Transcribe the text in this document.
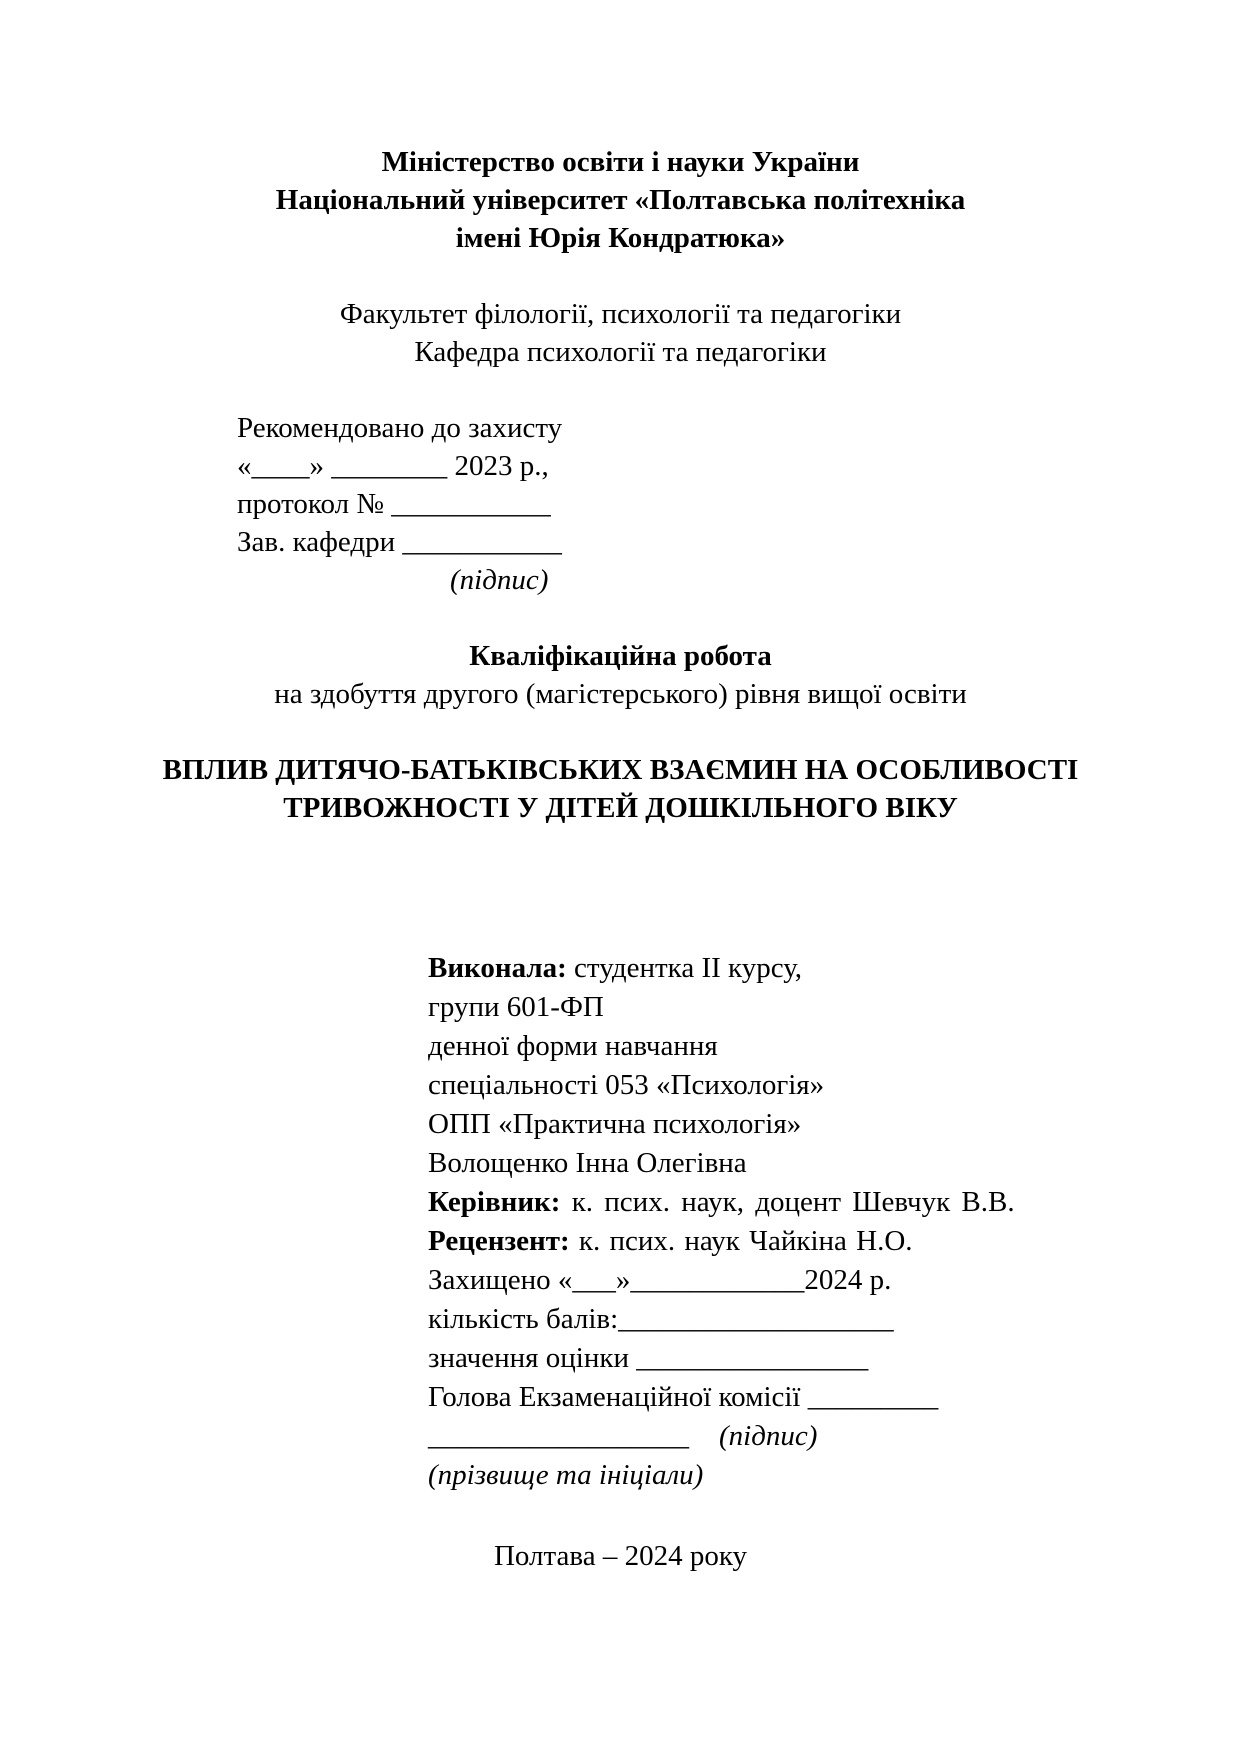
Міністерство освіти і науки України
Національний університет «Полтавська політехніка
імені Юрія Кондратюка»
Факультет філології, психології та педагогіки
Кафедра психології та педагогіки
Рекомендовано до захисту
«____» ________ 2023 р.,
протокол № ___________
Зав. кафедри ___________
(підпис)
Кваліфікаційна робота
на здобуття другого (магістерського) рівня вищої освіти
ВПЛИВ ДИТЯЧО-БАТЬКІВСЬКИХ ВЗАЄМИН НА ОСОБЛИВОСТІ
ТРИВОЖНОСТІ У ДІТЕЙ ДОШКІЛЬНОГО ВІКУ
Виконала: студентка ІІ курсу,
групи 601-ФП
денної форми навчання
спеціальності 053 «Психологія»
ОПП «Практична психологія»
Волощенко Інна Олегівна
Керівник: к. псих. наук, доцент Шевчук В.В.
Рецензент: к. псих. наук Чайкіна Н.О.
Захищено «___»____________2024 р.
кількість балів:___________________
значення оцінки ________________
Голова Екзаменаційної комісії _________
__________________ (підпис)
(прізвище та ініціали)
Полтава – 2024 року
